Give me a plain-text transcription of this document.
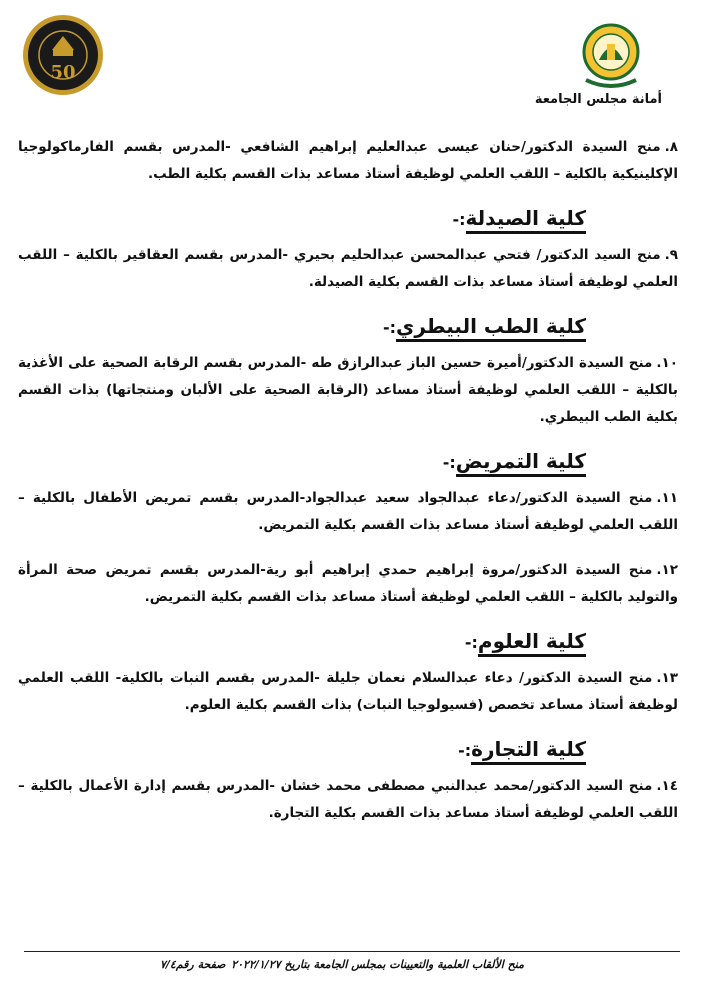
أمانة مجلس الجامعة
50

٨.منح السيدة الدكتور/حنان عيسى عبدالعليم إبراهيم الشافعي -المدرس بقسم الفارماكولوجيا الإكلينيكية بالكلية – اللقب العلمي لوظيفة أستاذ مساعد بذات القسم بكلية الطب.

كلية الصيدلة:-

٩.منح السيد الدكتور/ فتحي عبدالمحسن عبدالحليم بحيري -المدرس بقسم العقاقير بالكلية – اللقب العلمي لوظيفة أستاذ مساعد بذات القسم بكلية الصيدلة.

كلية الطب البيطري:-

١٠.منح السيدة الدكتور/أميرة حسين الباز عبدالرازق طه -المدرس بقسم الرقابة الصحية على الأغذية بالكلية – اللقب العلمي لوظيفة أستاذ مساعد (الرقابة الصحية على الألبان ومنتجاتها) بذات القسم بكلية الطب البيطري.

كلية التمريض:-

١١.منح السيدة الدكتور/دعاء عبدالجواد سعيد عبدالجواد-المدرس بقسم تمريض الأطفال بالكلية – اللقب العلمي لوظيفة أستاذ مساعد بذات القسم بكلية التمريض.

١٢.منح السيدة الدكتور/مروة إبراهيم حمدي إبراهيم أبو رية-المدرس بقسم تمريض صحة المرأة والتوليد بالكلية – اللقب العلمي لوظيفة أستاذ مساعد بذات القسم بكلية التمريض.

كلية العلوم:-

١٣.منح السيدة الدكتور/ دعاء عبدالسلام نعمان جليلة -المدرس بقسم النبات بالكلية- اللقب العلمي لوظيفة أستاذ مساعد تخصص (فسيولوجيا النبات) بذات القسم بكلية العلوم.

كلية التجارة:-

١٤.منح السيد الدكتور/محمد عبدالنبي مصطفى محمد خشان -المدرس بقسم إدارة الأعمال بالكلية – اللقب العلمي لوظيفة أستاذ مساعد بذات القسم بكلية التجارة.

منح الألقاب العلمية والتعيينات بمجلس الجامعة بتاريخ ٢٠٢٢/١/٢٧
صفحة رقم٧/٤
